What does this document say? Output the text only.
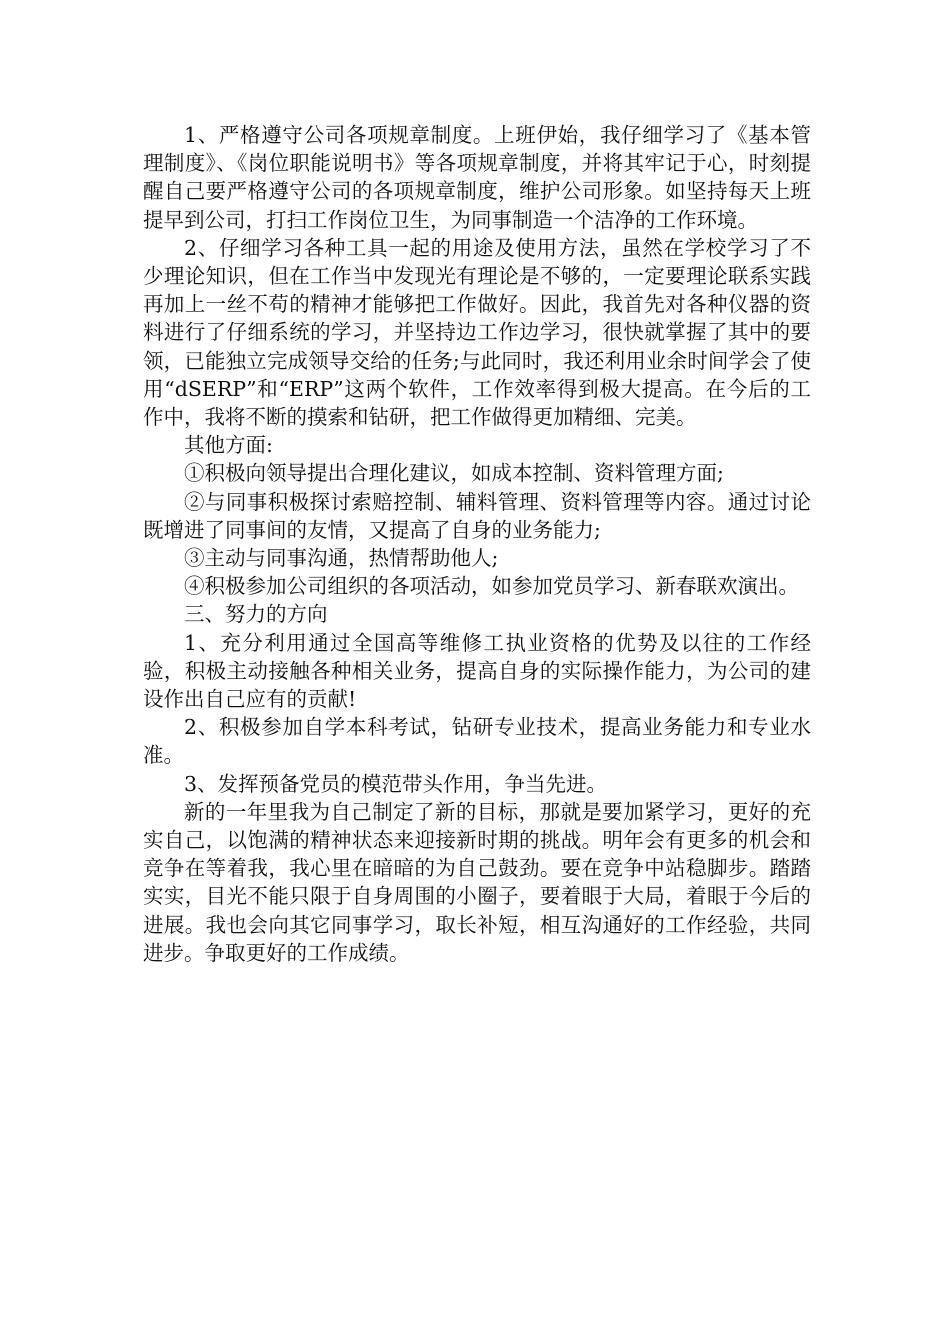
1、严格遵守公司各项规章制度。上班伊始，我仔细学习了《基本管理制度》、《岗位职能说明书》等各项规章制度，并将其牢记于心，时刻提醒自己要严格遵守公司的各项规章制度，维护公司形象。如坚持每天上班提早到公司，打扫工作岗位卫生，为同事制造一个洁净的工作环境。

2、仔细学习各种工具一起的用途及使用方法，虽然在学校学习了不少理论知识，但在工作当中发现光有理论是不够的，一定要理论联系实践再加上一丝不苟的精神才能够把工作做好。因此，我首先对各种仪器的资料进行了仔细系统的学习，并坚持边工作边学习，很快就掌握了其中的要领，已能独立完成领导交给的任务;与此同时，我还利用业余时间学会了使用“dSERP”和“ERP”这两个软件，工作效率得到极大提高。在今后的工作中，我将不断的摸索和钻研，把工作做得更加精细、完美。

其他方面:

①积极向领导提出合理化建议，如成本控制、资料管理方面;

②与同事积极探讨索赔控制、辅料管理、资料管理等内容。通过讨论既增进了同事间的友情，又提高了自身的业务能力;

③主动与同事沟通，热情帮助他人;

④积极参加公司组织的各项活动，如参加党员学习、新春联欢演出。

三、努力的方向

1、充分利用通过全国高等维修工执业资格的优势及以往的工作经验，积极主动接触各种相关业务，提高自身的实际操作能力，为公司的建设作出自己应有的贡献!

2、积极参加自学本科考试，钻研专业技术，提高业务能力和专业水准。

3、发挥预备党员的模范带头作用，争当先进。

新的一年里我为自己制定了新的目标，那就是要加紧学习，更好的充实自己，以饱满的精神状态来迎接新时期的挑战。明年会有更多的机会和竞争在等着我，我心里在暗暗的为自己鼓劲。要在竞争中站稳脚步。踏踏实实，目光不能只限于自身周围的小圈子，要着眼于大局，着眼于今后的进展。我也会向其它同事学习，取长补短，相互沟通好的工作经验，共同进步。争取更好的工作成绩。
